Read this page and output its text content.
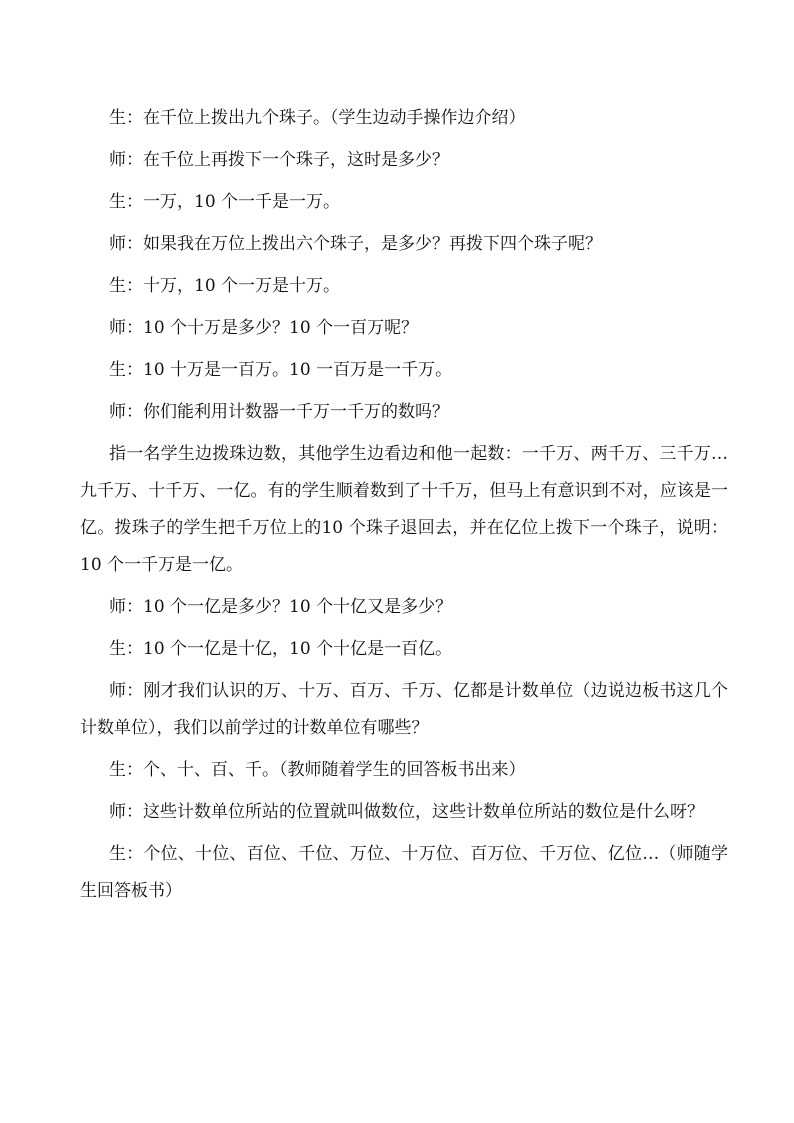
生：在千位上拨出九个珠子。（学生边动手操作边介绍）

师：在千位上再拨下一个珠子，这时是多少？

生：一万，10 个一千是一万。

师：如果我在万位上拨出六个珠子，是多少？再拨下四个珠子呢？

生：十万，10 个一万是十万。

师：10 个十万是多少？10 个一百万呢？

生：10 十万是一百万。10 一百万是一千万。

师：你们能利用计数器一千万一千万的数吗？

指一名学生边拨珠边数，其他学生边看边和他一起数：一千万、两千万、三千万…九千万、十千万、一亿。有的学生顺着数到了十千万，但马上有意识到不对，应该是一亿。拨珠子的学生把千万位上的10 个珠子退回去，并在亿位上拨下一个珠子，说明：10 个一千万是一亿。

师：10 个一亿是多少？10 个十亿又是多少？

生：10 个一亿是十亿，10 个十亿是一百亿。

师：刚才我们认识的万、十万、百万、千万、亿都是计数单位（边说边板书这几个计数单位），我们以前学过的计数单位有哪些？

生：个、十、百、千。（教师随着学生的回答板书出来）

师：这些计数单位所站的位置就叫做数位，这些计数单位所站的数位是什么呀？

生：个位、十位、百位、千位、万位、十万位、百万位、千万位、亿位…（师随学生回答板书）
